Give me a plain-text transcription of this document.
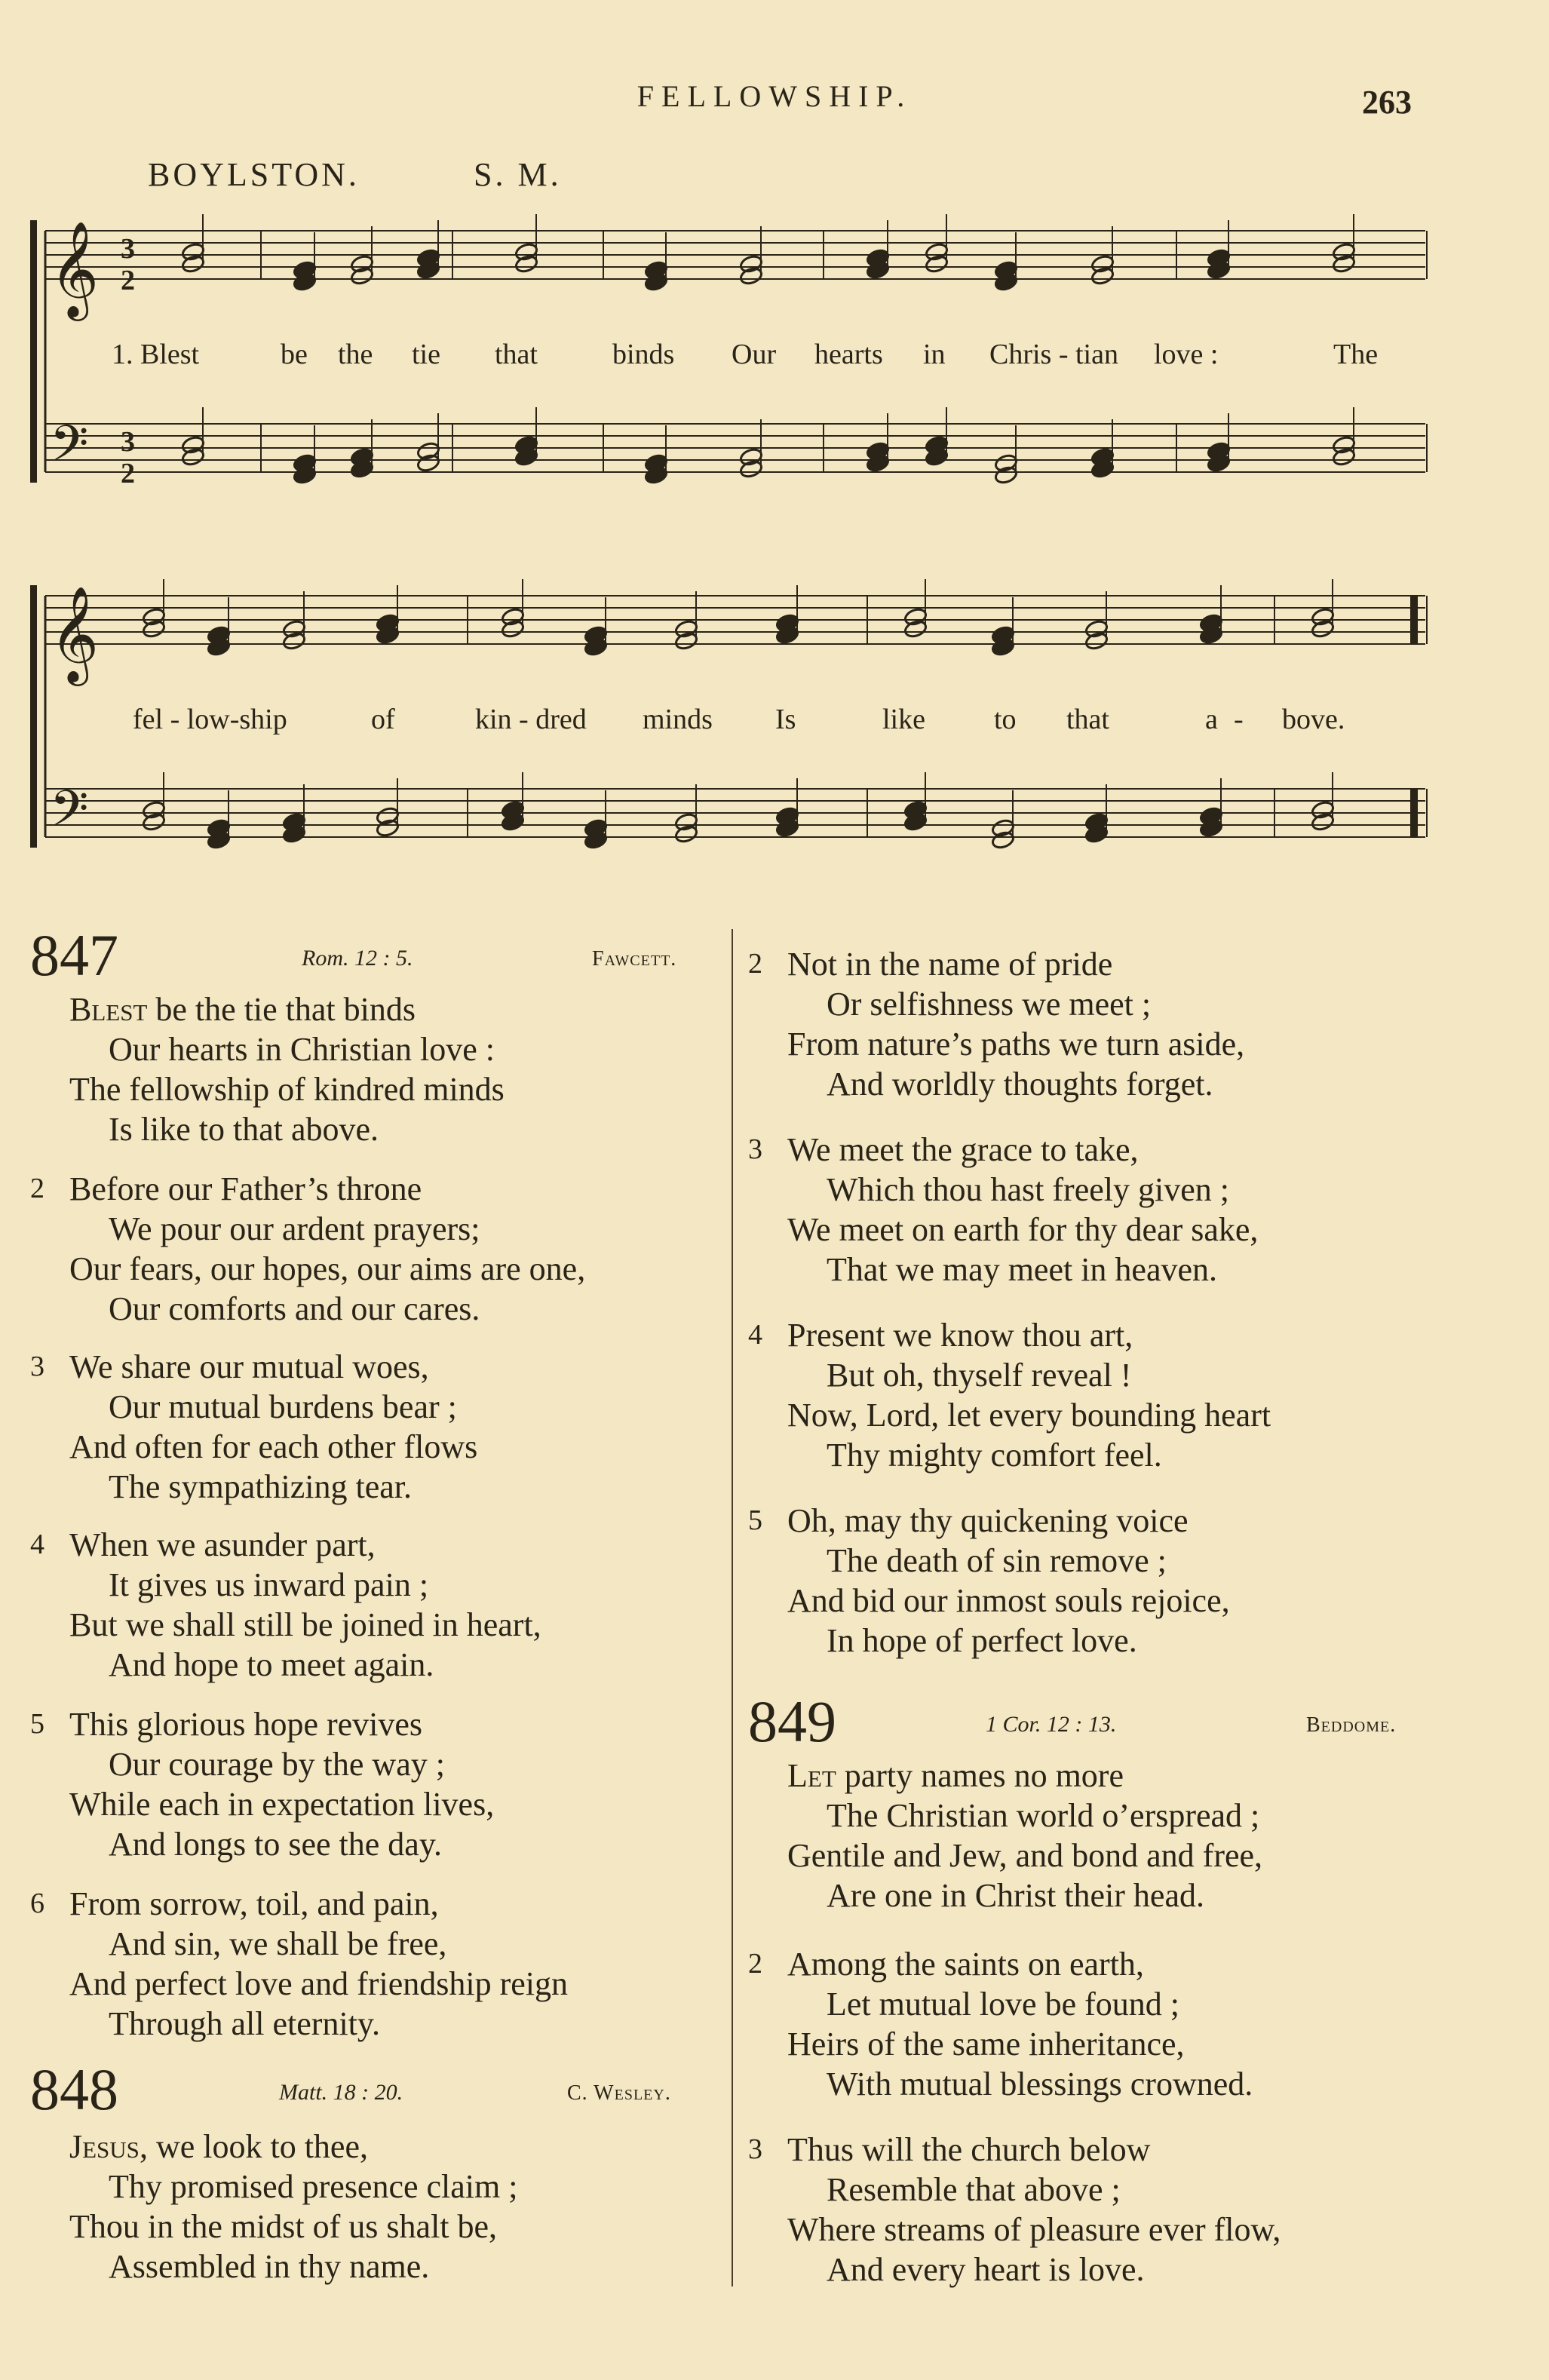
FELLOWSHIP.	263
BOYLSTON.	S. M.
3
2
3
2
1. Blest	be the tie that	binds Our hearts in Chris - tian love :	The
fel - low-ship	of	kin - dred minds Is	like to that	a - bove.
𝄞
𝄢
𝄞
𝄢
847	Rom. 12 : 5.	Fawcett.
Blest be the tie that binds
Our hearts in Christian love :
The fellowship of kindred minds
Is like to that above.
2 Before our Father’s throne
We pour our ardent prayers;
Our fears, our hopes, our aims are one,
Our comforts and our cares.
3 We share our mutual woes,
Our mutual burdens bear ;
And often for each other flows
The sympathizing tear.
4 When we asunder part,
It gives us inward pain ;
But we shall still be joined in heart,
And hope to meet again.
5 This glorious hope revives
Our courage by the way ;
While each in expectation lives,
And longs to see the day.
6 From sorrow, toil, and pain,
And sin, we shall be free,
And perfect love and friendship reign
Through all eternity.
848	Matt. 18 : 20.	C. Wesley.
Jesus, we look to thee,
Thy promised presence claim ;
Thou in the midst of us shalt be,
Assembled in thy name.
2 Not in the name of pride
Or selfishness we meet ;
From nature’s paths we turn aside,
And worldly thoughts forget.
3 We meet the grace to take,
Which thou hast freely given ;
We meet on earth for thy dear sake,
That we may meet in heaven.
4 Present we know thou art,
But oh, thyself reveal !
Now, Lord, let every bounding heart
Thy mighty comfort feel.
5 Oh, may thy quickening voice
The death of sin remove ;
And bid our inmost souls rejoice,
In hope of perfect love.
849	1 Cor. 12 : 13.	Beddome.
Let party names no more
The Christian world o’erspread ;
Gentile and Jew, and bond and free,
Are one in Christ their head.
2 Among the saints on earth,
Let mutual love be found ;
Heirs of the same inheritance,
With mutual blessings crowned.
3 Thus will the church below
Resemble that above ;
Where streams of pleasure ever flow,
And every heart is love.
